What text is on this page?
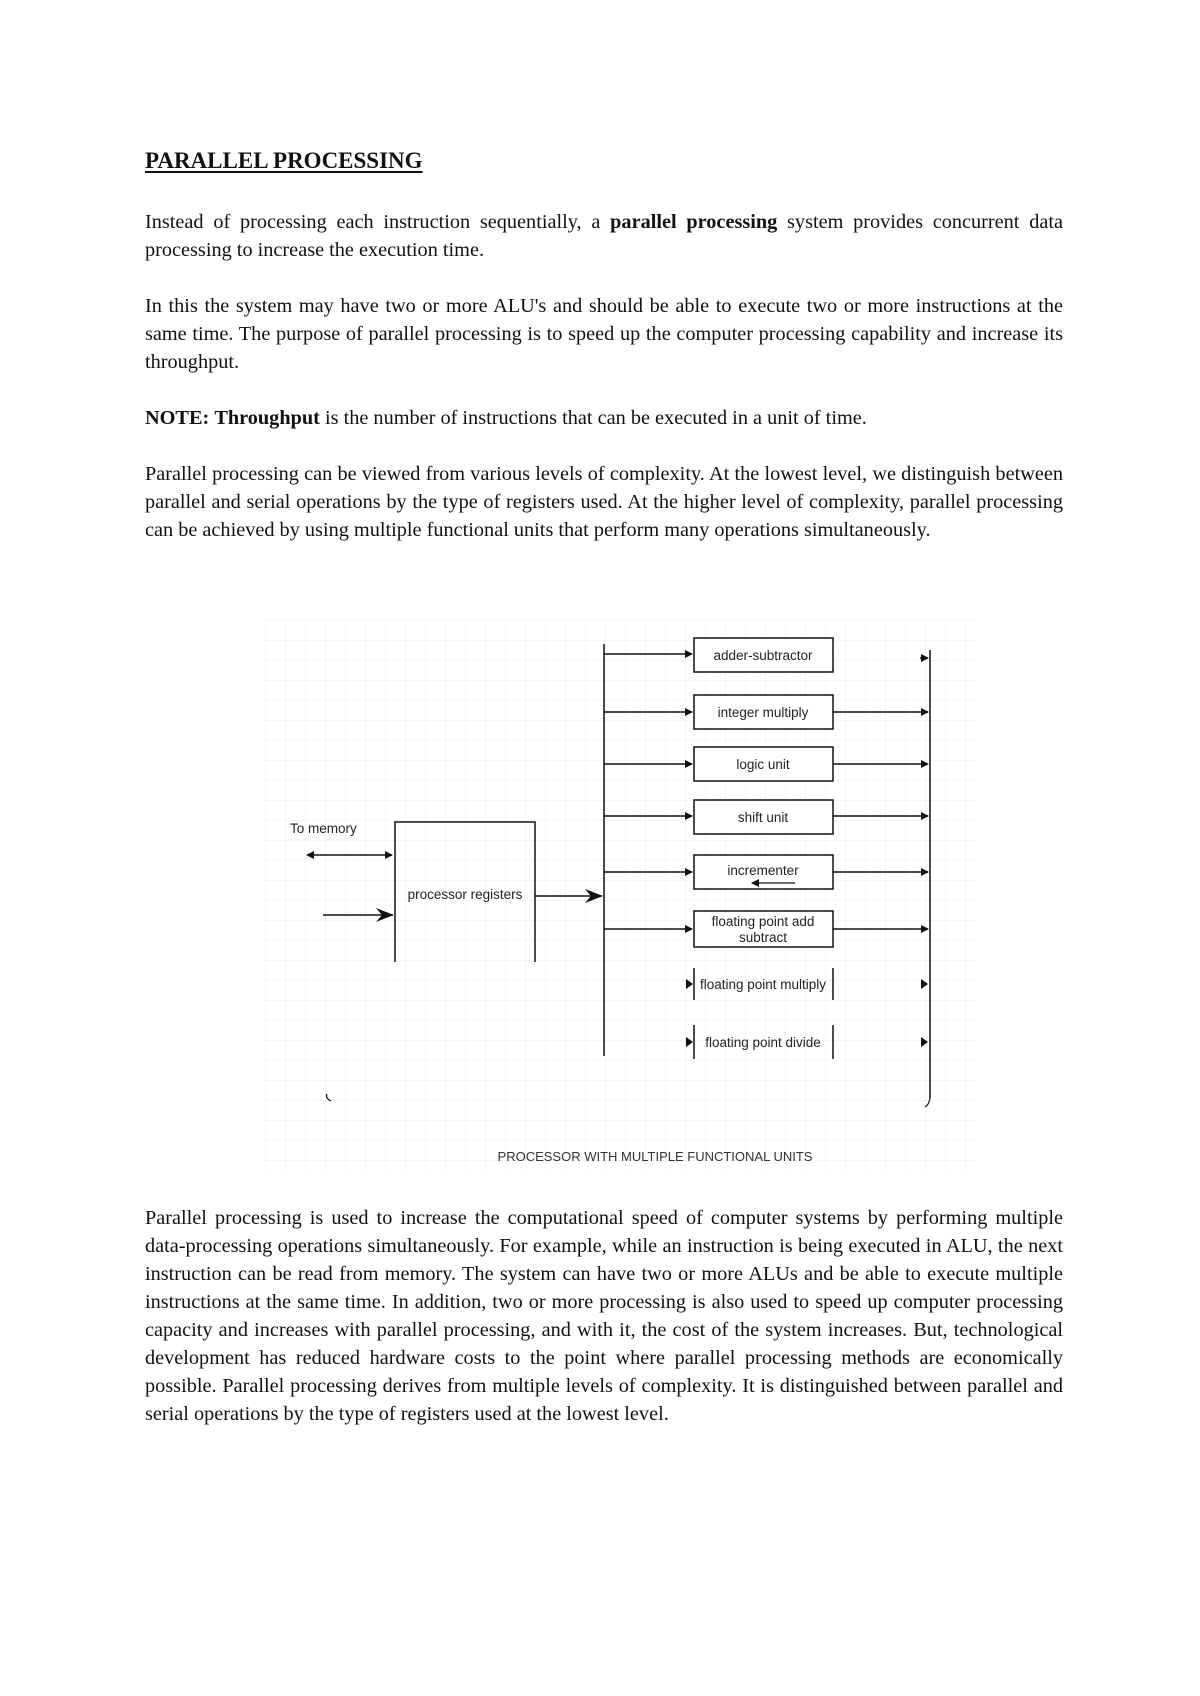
PARALLEL PROCESSING

Instead of processing each instruction sequentially, a parallel processing system provides concurrent data processing to increase the execution time.

In this the system may have two or more ALU's and should be able to execute two or more instructions at the same time. The purpose of parallel processing is to speed up the computer processing capability and increase its throughput.

NOTE: Throughput is the number of instructions that can be executed in a unit of time.

Parallel processing can be viewed from various levels of complexity. At the lowest level, we distinguish between parallel and serial operations by the type of registers used. At the higher level of complexity, parallel processing can be achieved by using multiple functional units that perform many operations simultaneously.

To memory
processor registers
adder-subtractor
integer multiply
logic unit
shift unit
incrementer
floating point add
subtract
floating point multiply
floating point divide
PROCESSOR WITH MULTIPLE FUNCTIONAL UNITS

Parallel processing is used to increase the computational speed of computer systems by performing multiple data-processing operations simultaneously. For example, while an instruction is being executed in ALU, the next instruction can be read from memory. The system can have two or more ALUs and be able to execute multiple instructions at the same time. In addition, two or more processing is also used to speed up computer processing capacity and increases with parallel processing, and with it, the cost of the system increases. But, technological development has reduced hardware costs to the point where parallel processing methods are economically possible. Parallel processing derives from multiple levels of complexity. It is distinguished between parallel and serial operations by the type of registers used at the lowest level.
